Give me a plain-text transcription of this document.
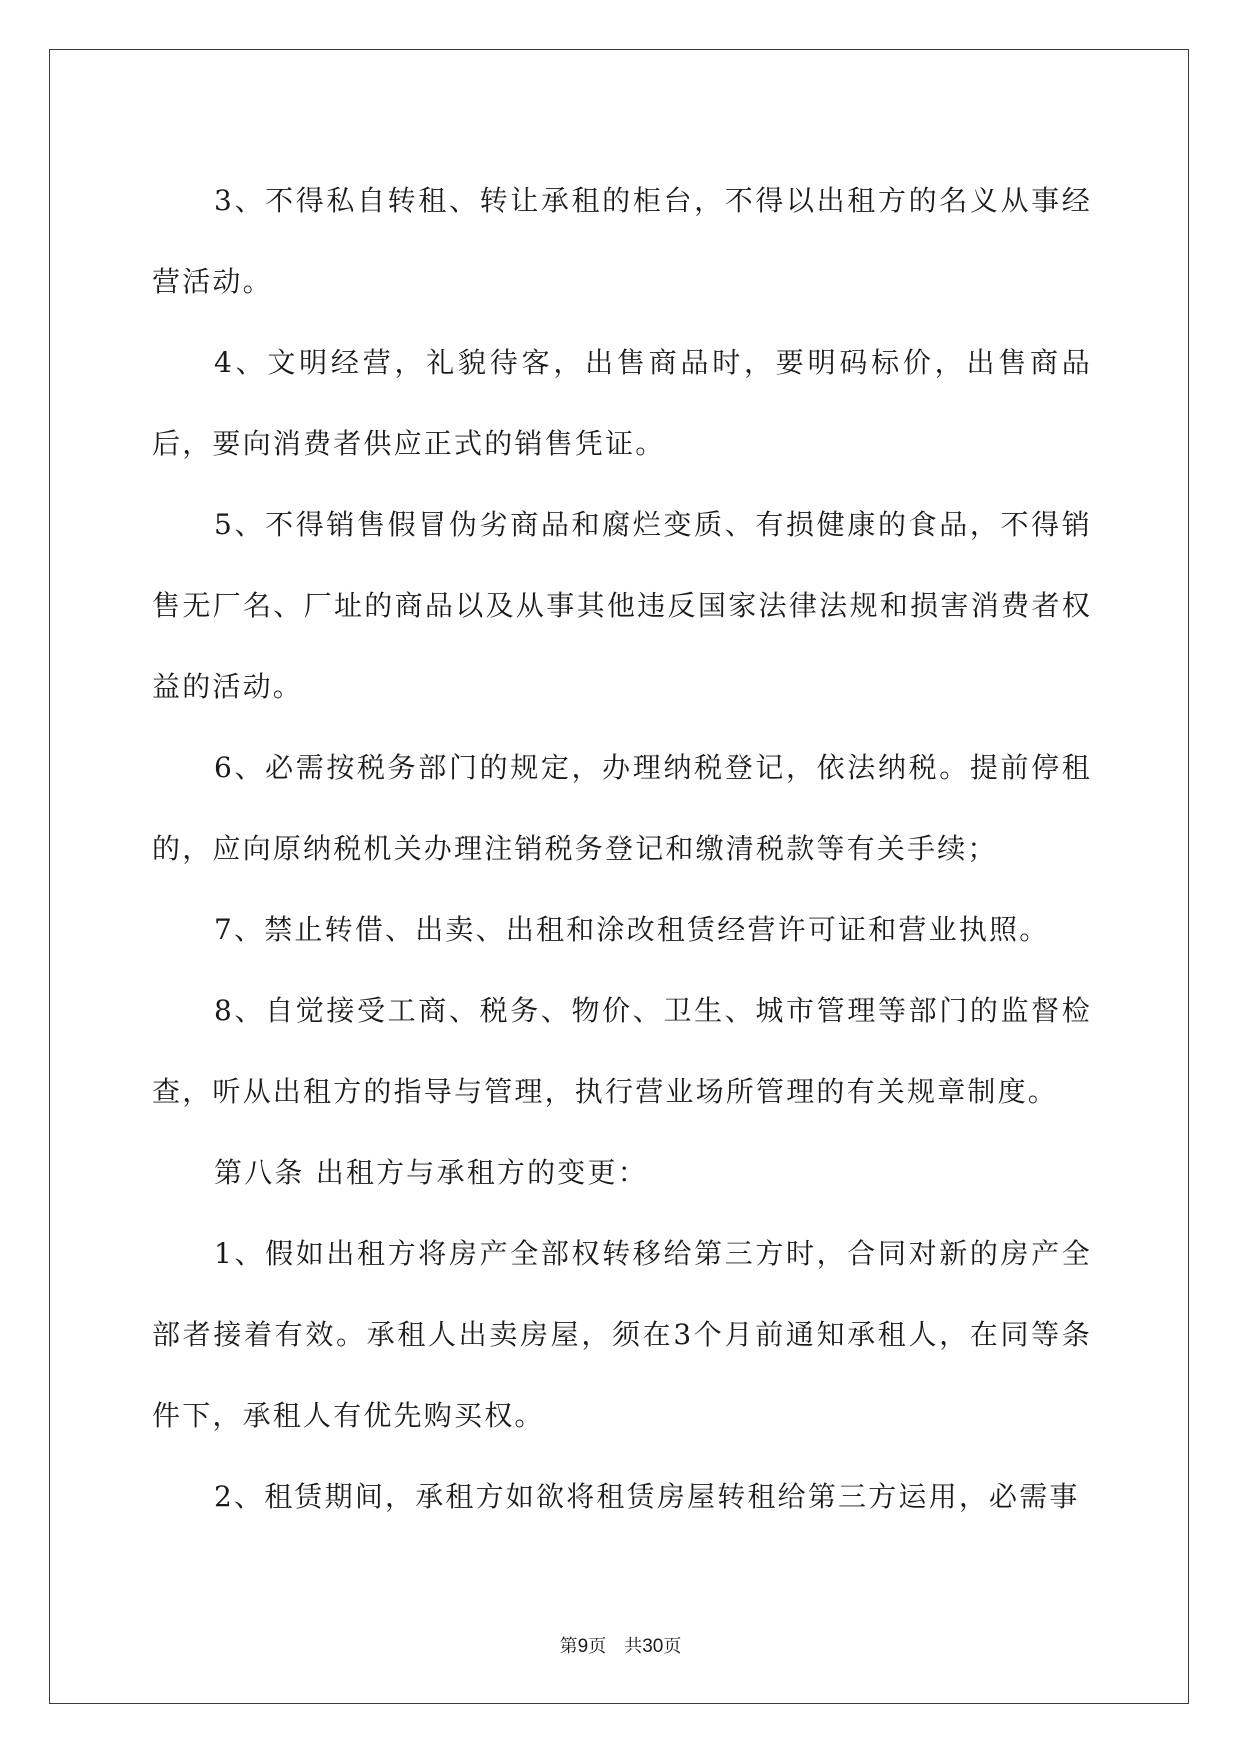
3、不得私自转租、转让承租的柜台，不得以出租方的名义从事经营活动。

4、文明经营，礼貌待客，出售商品时，要明码标价，出售商品后，要向消费者供应正式的销售凭证。

5、不得销售假冒伪劣商品和腐烂变质、有损健康的食品，不得销售无厂名、厂址的商品以及从事其他违反国家法律法规和损害消费者权益的活动。

6、必需按税务部门的规定，办理纳税登记，依法纳税。提前停租的，应向原纳税机关办理注销税务登记和缴清税款等有关手续；

7、禁止转借、出卖、出租和涂改租赁经营许可证和营业执照。

8、自觉接受工商、税务、物价、卫生、城市管理等部门的监督检查，听从出租方的指导与管理，执行营业场所管理的有关规章制度。

第八条 出租方与承租方的变更：

1、假如出租方将房产全部权转移给第三方时，合同对新的房产全部者接着有效。承租人出卖房屋，须在3个月前通知承租人，在同等条件下，承租人有优先购买权。

2、租赁期间，承租方如欲将租赁房屋转租给第三方运用，必需事

第9页 共30页
